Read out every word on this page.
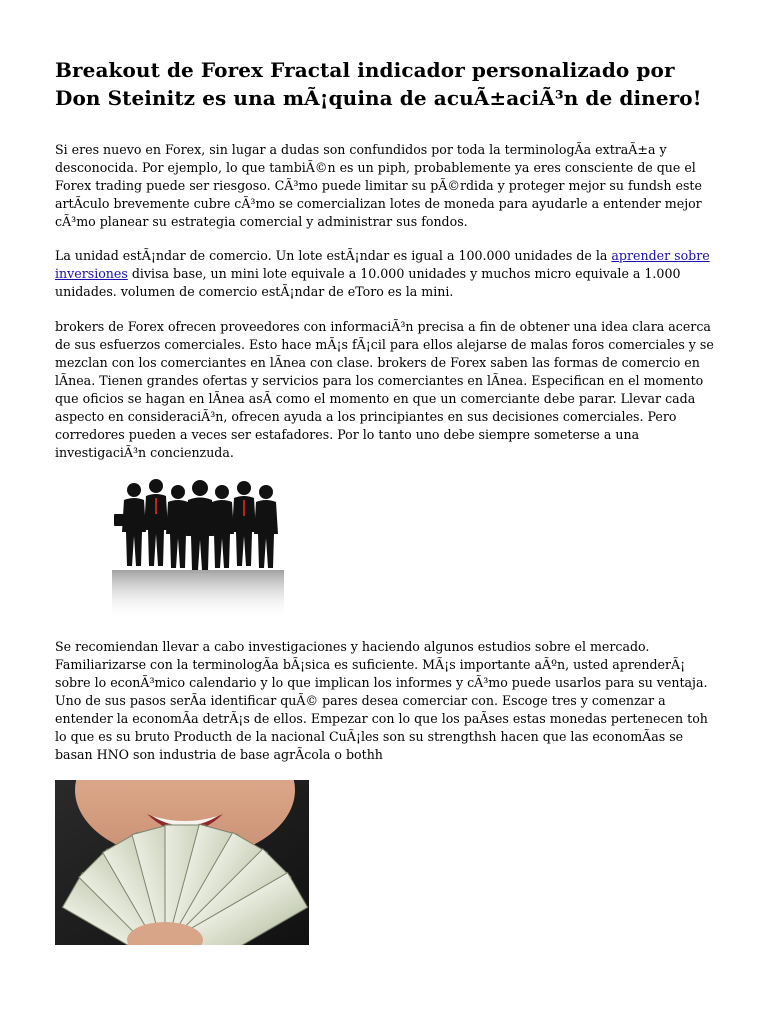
Breakout de Forex Fractal indicador personalizado por Don Steinitz es una mÃ¡quina de acuÃ±aciÃ³n de dinero!

Si eres nuevo en Forex, sin lugar a dudas son confundidos por toda la terminologÃa extraÃ±a y desconocida. Por ejemplo, lo que tambiÃ©n es un piph, probablemente ya eres consciente de que el Forex trading puede ser riesgoso. CÃ³mo puede limitar su pÃ©rdida y proteger mejor su fundsh este artÃculo brevemente cubre cÃ³mo se comercializan lotes de moneda para ayudarle a entender mejor cÃ³mo planear su estrategia comercial y administrar sus fondos.

La unidad estÃ¡ndar de comercio. Un lote estÃ¡ndar es igual a 100.000 unidades de la aprender sobre inversiones divisa base, un mini lote equivale a 10.000 unidades y muchos micro equivale a 1.000 unidades. volumen de comercio estÃ¡ndar de eToro es la mini.

brokers de Forex ofrecen proveedores con informaciÃ³n precisa a fin de obtener una idea clara acerca de sus esfuerzos comerciales. Esto hace mÃ¡s fÃ¡cil para ellos alejarse de malas foros comerciales y se mezclan con los comerciantes en lÃnea con clase. brokers de Forex saben las formas de comercio en lÃnea. Tienen grandes ofertas y servicios para los comerciantes en lÃnea. Especifican en el momento que oficios se hagan en lÃnea asÃ como el momento en que un comerciante debe parar. Llevar cada aspecto en consideraciÃ³n, ofrecen ayuda a los principiantes en sus decisiones comerciales. Pero corredores pueden a veces ser estafadores. Por lo tanto uno debe siempre someterse a una investigaciÃ³n concienzuda.

Se recomiendan llevar a cabo investigaciones y haciendo algunos estudios sobre el mercado. Familiarizarse con la terminologÃa bÃ¡sica es suficiente. MÃ¡s importante aÃºn, usted aprenderÃ¡ sobre lo econÃ³mico calendario y lo que implican los informes y cÃ³mo puede usarlos para su ventaja. Uno de sus pasos serÃa identificar quÃ© pares desea comerciar con. Escoge tres y comenzar a entender la economÃa detrÃ¡s de ellos. Empezar con lo que los paÃses estas monedas pertenecen toh lo que es su bruto Producth de la nacional CuÃ¡les son su strengthsh hacen que las economÃas se basan HNO son industria de base agrÃcola o bothh
